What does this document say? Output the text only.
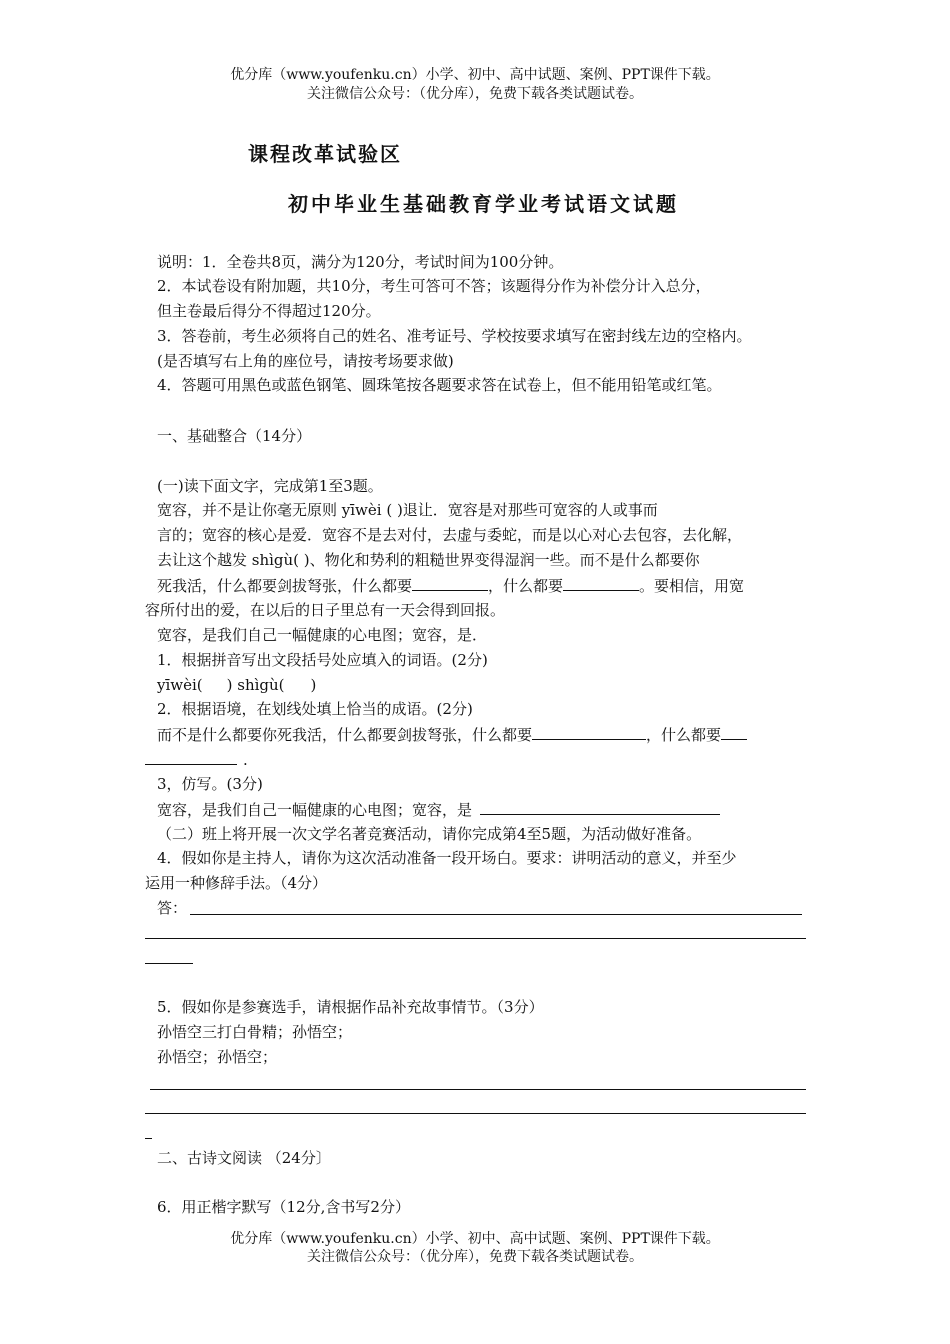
优分库（www.youfenku.cn）小学、初中、高中试题、案例、PPT课件下载。
关注微信公众号：（优分库），免费下载各类试题试卷。
课程改革试验区
初中毕业生基础教育学业考试语文试题
说明：1．全卷共8页，满分为120分，考试时间为100分钟。
2．本试卷设有附加题，共10分，考生可答可不答；该题得分作为补偿分计入总分，
但主卷最后得分不得超过120分。
3．答卷前，考生必须将自己的姓名、准考证号、学校按要求填写在密封线左边的空格内。
(是否填写右上角的座位号，请按考场要求做)
4．答题可用黑色或蓝色钢笔、圆珠笔按各题要求答在试卷上，但不能用铅笔或红笔。
一、基础整合（14分）
(一)读下面文字，完成第1至3题。
宽容，并不是让你毫无原则 yīwèi ( )退让．宽容是对那些可宽容的人或事而
言的；宽容的核心是爱．宽容不是去对付，去虚与委蛇，而是以心对心去包容，去化解，
去让这个越发 shìgù( )、物化和势利的粗糙世界变得湿润一些。而不是什么都要你
死我活，什么都要剑拔弩张，什么都要	，什么都要	。要相信，用宽
容所付出的爱，在以后的日子里总有一天会得到回报。
宽容，是我们自己一幅健康的心电图；宽容，是．
1．根据拼音写出文段括号处应填入的词语。(2分)
yīwèi( ) shìgù( )
2．根据语境，在划线处填上恰当的成语。(2分)
而不是什么都要你死我活，什么都要剑拔弩张，什么都要	，什么都要
.
3，仿写。(3分)
宽容，是我们自己一幅健康的心电图；宽容，是
（二）班上将开展一次文学名著竞赛活动，请你完成第4至5题，为活动做好准备。
4．假如你是主持人，请你为这次活动准备一段开场白。要求：讲明活动的意义，并至少
运用一种修辞手法。（4分）
答：
5．假如你是参赛选手，请根据作品补充故事情节。（3分）
孙悟空三打白骨精；孙悟空；
孙悟空；孙悟空；
二、古诗文阅读 （24分〕
6．用正楷字默写（12分,含书写2分）
优分库（www.youfenku.cn）小学、初中、高中试题、案例、PPT课件下载。
关注微信公众号：（优分库），免费下载各类试题试卷。
